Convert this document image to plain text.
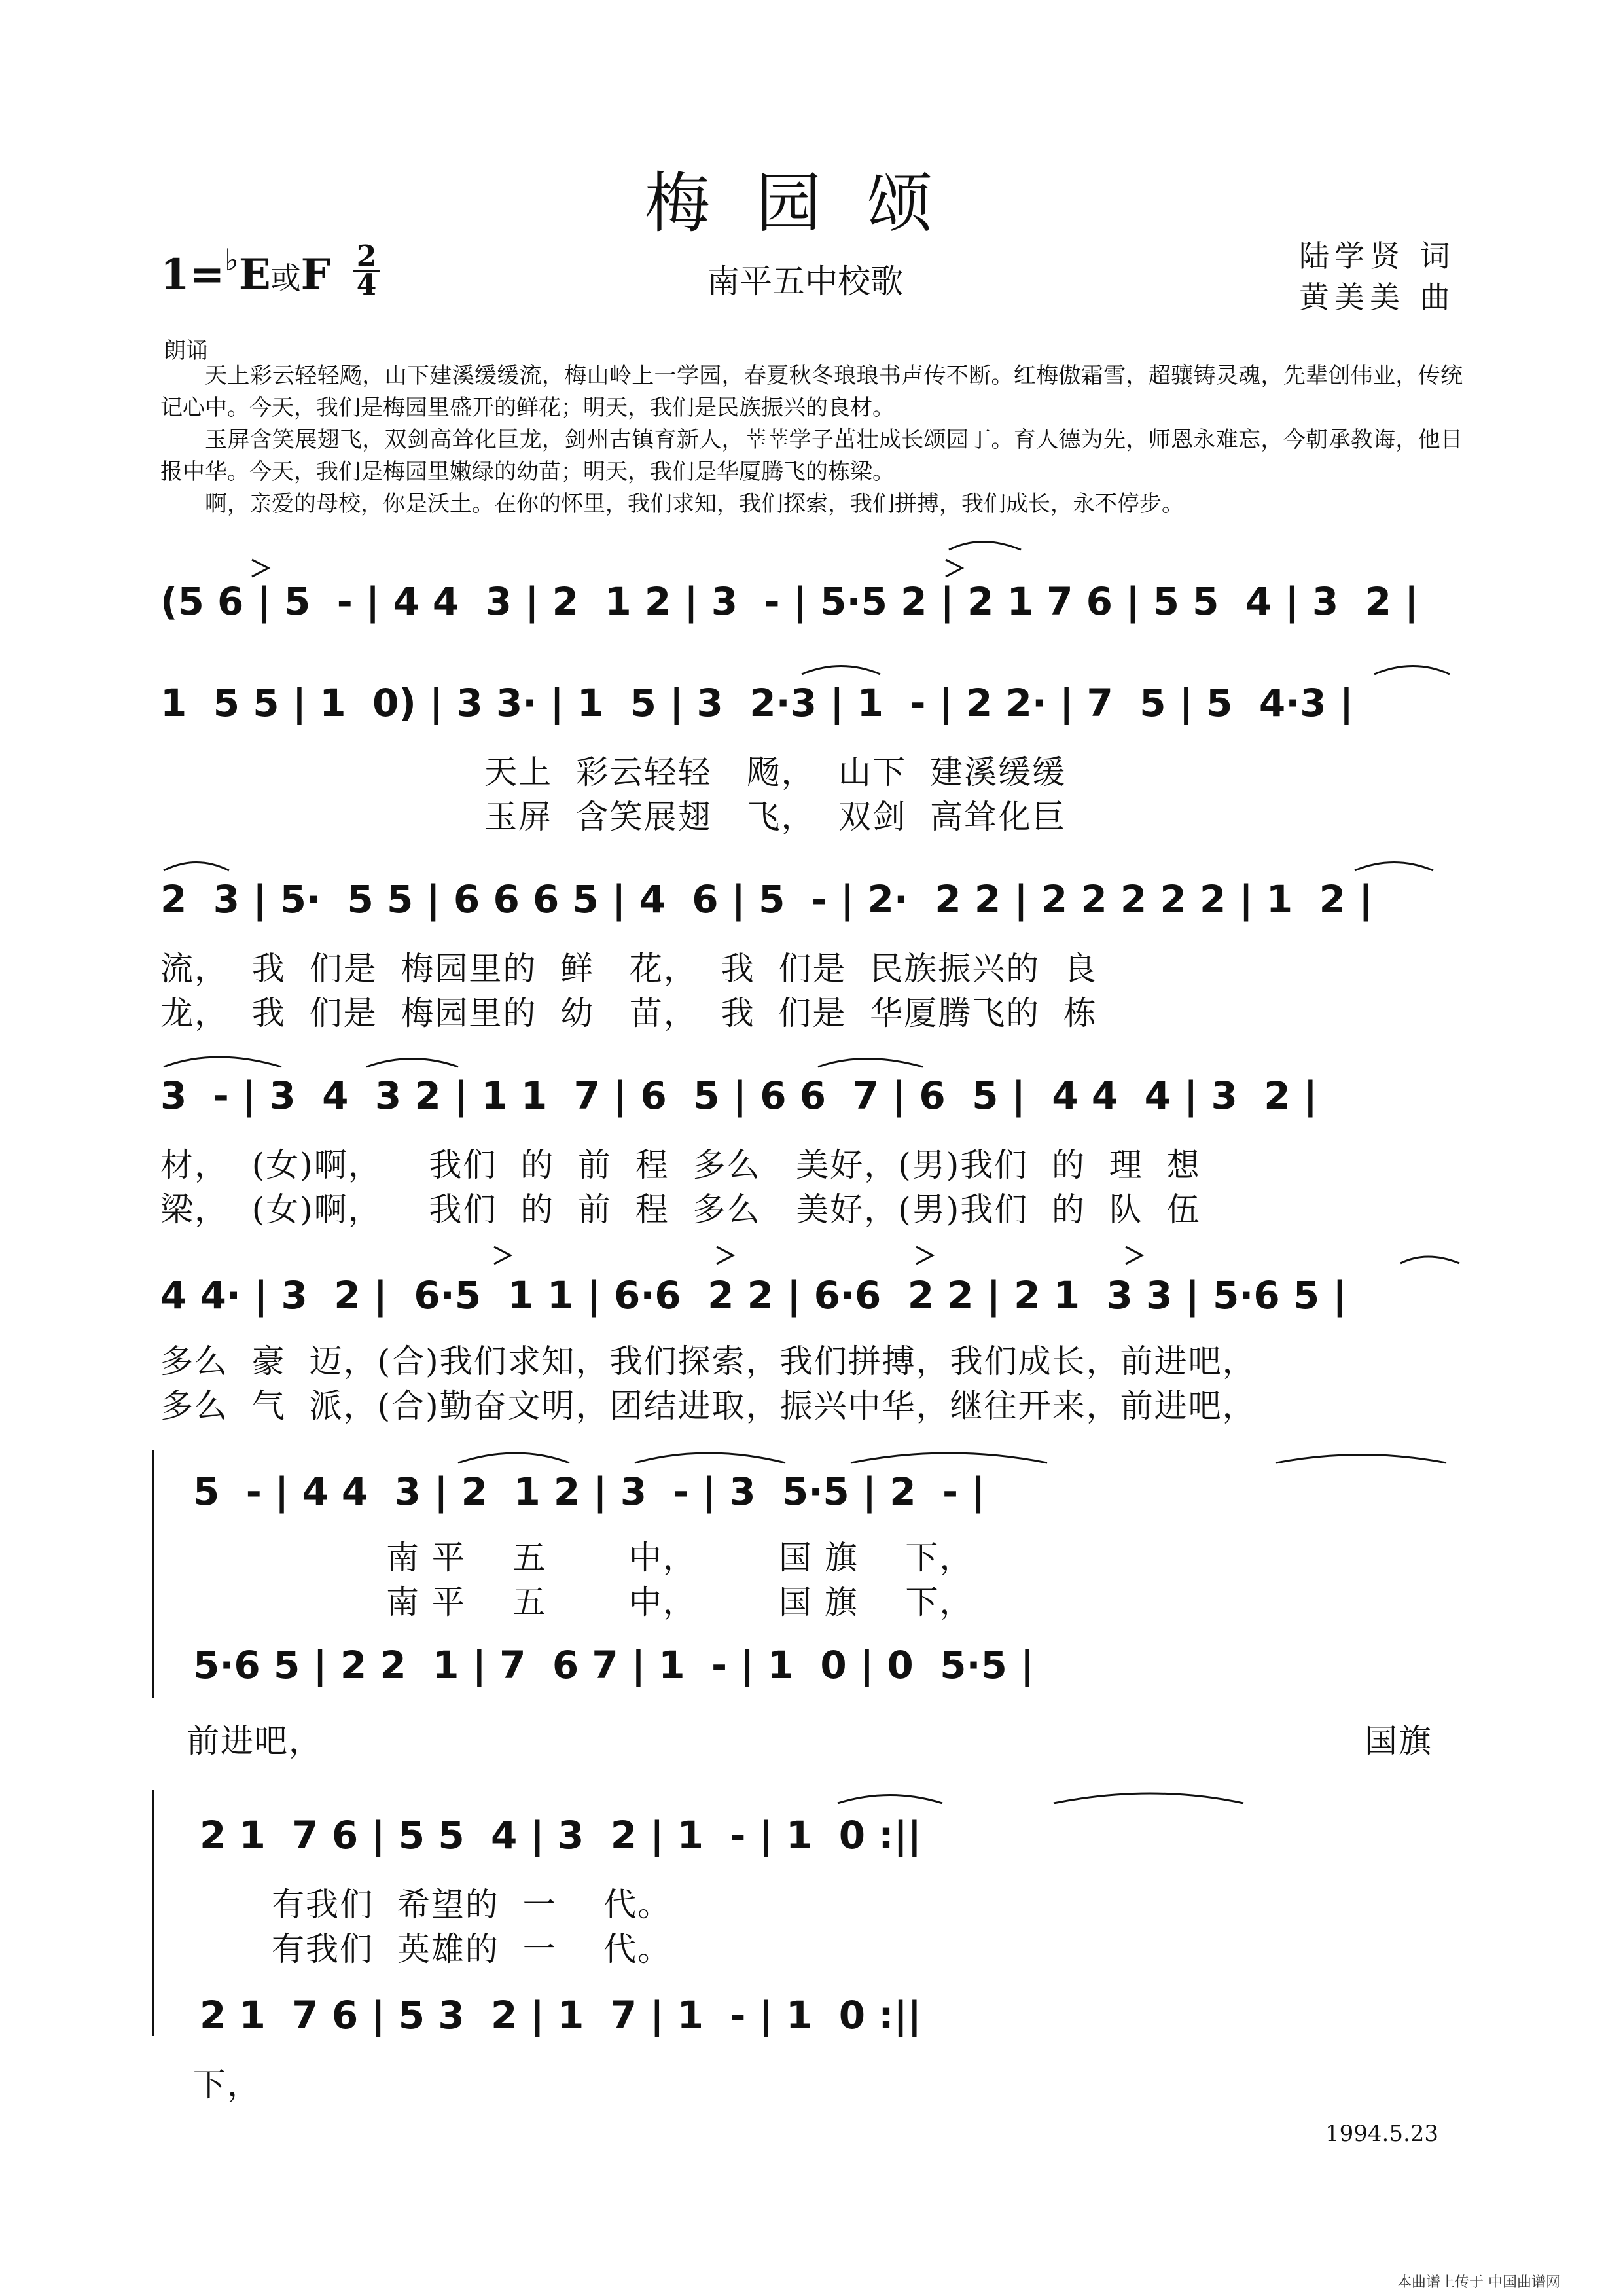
梅园颂
1=♭E或F 2
4	南平五中校歌
陆学贤 词
黄美美 曲
朗诵

天上彩云轻轻飏，山下建溪缓缓流，梅山岭上一学园，春夏秋冬琅琅书声传不断。红梅傲霜雪，超骧铸灵魂，先辈创伟业，传统记心中。今天，我们是梅园里盛开的鲜花；明天，我们是民族振兴的良材。

玉屏含笑展翅飞，双剑高耸化巨龙，剑州古镇育新人，莘莘学子茁壮成长颂园丁。育人德为先，师恩永难忘，今朝承教诲，他日报中华。今天，我们是梅园里嫩绿的幼苗；明天，我们是华厦腾飞的栋梁。

啊，亲爱的母校，你是沃土。在你的怀里，我们求知，我们探索，我们拼搏，我们成长，永不停步。

(5 6 | 5  - | 4 4  3 | 2  1 2 | 3  - | 5·5 2 | 2 1 7 6 | 5 5  4 | 3  2 |
1  5 5 | 1  0) | 3 3· | 1  5 | 3  2·3 | 1  - | 2 2· | 7  5 | 5  4·3 |
天上  彩云轻轻   飏，  山下  建溪缓缓
玉屏  含笑展翅   飞，  双剑  高耸化巨
2  3 | 5·  5 5 | 6 6 6 5 | 4  6 | 5  - | 2·  2 2 | 2 2 2 2 2 | 1  2 |
流，  我  们是  梅园里的  鲜   花，  我  们是  民族振兴的  良
龙，  我  们是  梅园里的  幼   苗，  我  们是  华厦腾飞的  栋
3  - | 3  4  3 2 | 1 1  7 | 6  5 | 6 6  7 | 6  5 |  4 4  4 | 3  2 |
材，  (女)啊，    我们  的  前  程  多么   美好，(男)我们  的  理  想
梁，  (女)啊，    我们  的  前  程  多么   美好，(男)我们  的  队  伍
4 4· | 3  2 |  6·5  1 1 | 6·6  2 2 | 6·6  2 2 | 2 1  3 3 | 5·6 5 |
多么  豪  迈，(合)我们求知，我们探索，我们拼搏，我们成长，前进吧，
多么  气  派，(合)勤奋文明，团结进取，振兴中华，继往开来，前进吧，
5  - | 4 4  3 | 2  1 2 | 3  - | 3  5·5 | 2  - |
南 平    五       中，       国 旗    下，
南 平    五       中，       国 旗    下，
5·6 5 | 2 2  1 | 7  6 7 | 1  - | 1  0 | 0  5·5 |
前进吧，	国旗
2 1  7 6 | 5 5  4 | 3  2 | 1  - | 1  0 :||
有我们  希望的  一    代。
有我们  英雄的  一    代。
2 1  7 6 | 5 3  2 | 1  7 | 1  - | 1  0 :||
下，
1994.5.23
本曲谱上传于 中国曲谱网
